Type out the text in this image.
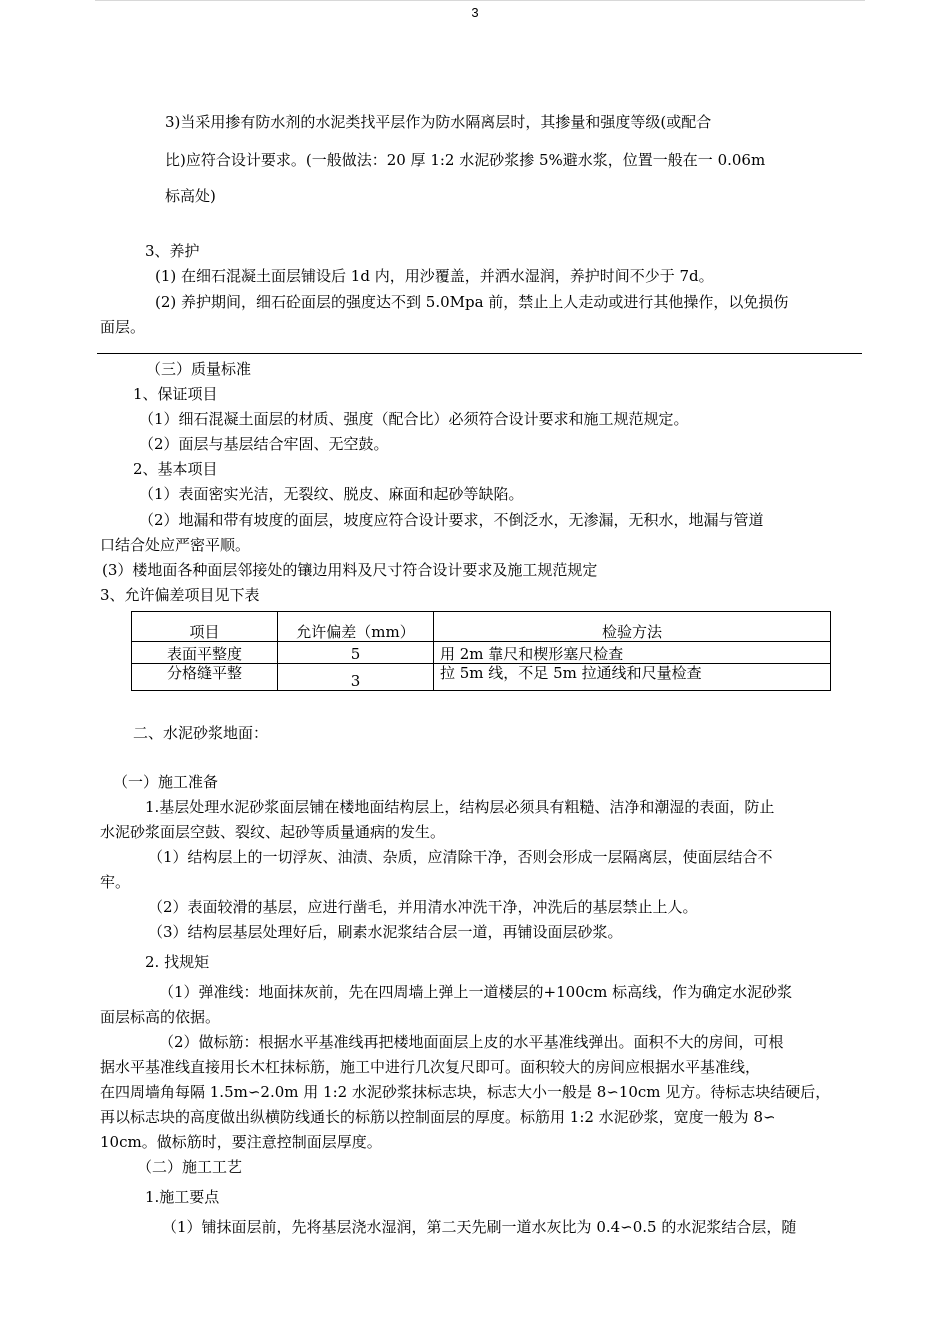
3
3)当采用掺有防水剂的水泥类找平层作为防水隔离层时，其掺量和强度等级(或配合
比)应符合设计要求。(一般做法：20 厚 1:2 水泥砂浆掺 5%避水浆，位置一般在一 0.06m
标高处)
3、养护
(1) 在细石混凝土面层铺设后 1d 内，用沙覆盖，并洒水湿润，养护时间不少于 7d。
(2) 养护期间，细石砼面层的强度达不到 5.0Mpa 前，禁止上人走动或进行其他操作，以免损伤
面层。
（三）质量标准
1、保证项目
（1）细石混凝土面层的材质、强度（配合比）必须符合设计要求和施工规范规定。
（2）面层与基层结合牢固、无空鼓。
2、基本项目
（1）表面密实光洁，无裂纹、脱皮、麻面和起砂等缺陷。
（2）地漏和带有坡度的面层，坡度应符合设计要求，不倒泛水，无渗漏，无积水，地漏与管道
口结合处应严密平顺。
(3）楼地面各种面层邻接处的镶边用料及尺寸符合设计要求及施工规范规定
3、允许偏差项目见下表
项目	允许偏差（mm）	检验方法
表面平整度	5	用 2m 靠尺和楔形塞尺检查
分格缝平整	3	拉 5m 线，不足 5m 拉通线和尺量检查
二、水泥砂浆地面：
（一）施工准备
1.基层处理水泥砂浆面层铺在楼地面结构层上，结构层必须具有粗糙、洁净和潮湿的表面，防止
水泥砂浆面层空鼓、裂纹、起砂等质量通病的发生。
（1）结构层上的一切浮灰、油渍、杂质，应清除干净，否则会形成一层隔离层，使面层结合不
牢。
（2）表面较滑的基层，应进行凿毛，并用清水冲洗干净，冲洗后的基层禁止上人。
（3）结构层基层处理好后，刷素水泥浆结合层一道，再铺设面层砂浆。
2. 找规矩
（1）弹准线：地面抹灰前，先在四周墙上弹上一道楼层的+100cm 标高线，作为确定水泥砂浆
面层标高的依据。
（2）做标筋：根据水平基准线再把楼地面面层上皮的水平基准线弹出。面积不大的房间，可根
据水平基准线直接用长木杠抹标筋，施工中进行几次复尺即可。面积较大的房间应根据水平基准线，
在四周墙角每隔 1.5m∽2.0m 用 1:2 水泥砂浆抹标志块，标志大小一般是 8∽10cm 见方。待标志块结硬后，
再以标志块的高度做出纵横防线通长的标筋以控制面层的厚度。标筋用 1:2 水泥砂浆，宽度一般为 8∽
10cm。做标筋时，要注意控制面层厚度。
（二）施工工艺
1.施工要点
（1）铺抹面层前，先将基层浇水湿润，第二天先刷一道水灰比为 0.4∽0.5 的水泥浆结合层，随
